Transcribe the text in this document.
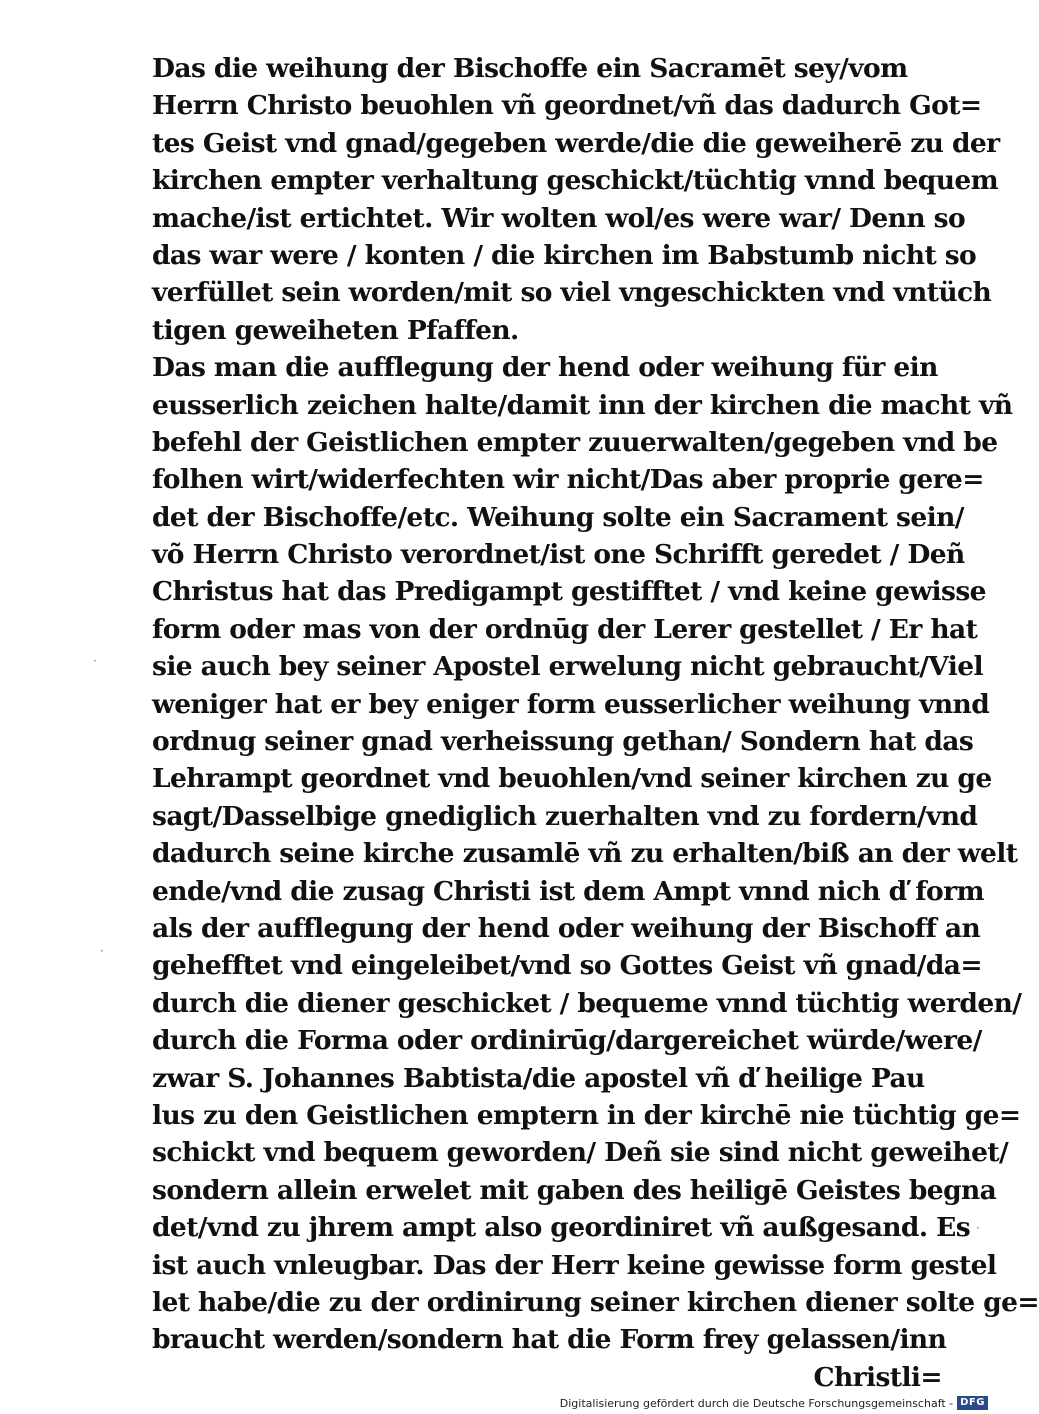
Das die weihung der Bischoffe ein Sacramēt sey/vom
Herrn Christo beuohlen vñ geordnet/vñ das dadurch Got=
tes Geist vnd gnad/gegeben werde/die die geweiherē zu der
kirchen empter verhaltung geschickt/tüchtig vnnd bequem
mache/ist ertichtet. Wir wolten wol/es were war/ Denn so
das war were / konten / die kirchen im Babstumb nicht so
verfüllet sein worden/mit so viel vngeschickten vnd vntüch
tigen geweiheten Pfaffen.
Das man die aufflegung der hend oder weihung für ein
eusserlich zeichen halte/damit inn der kirchen die macht vñ
befehl der Geistlichen empter zuuerwalten/gegeben vnd be
folhen wirt/widerfechten wir nicht/Das aber proprie gere=
det der Bischoffe/etc. Weihung solte ein Sacrament sein/
võ Herrn Christo verordnet/ist one Schrifft geredet / Deñ
Christus hat das Predigampt gestifftet / vnd keine gewisse
form oder mas von der ordnūg der Lerer gestellet / Er hat
sie auch bey seiner Apostel erwelung nicht gebraucht/Viel
weniger hat er bey eniger form eusserlicher weihung vnnd
ordnug seiner gnad verheissung gethan/ Sondern hat das
Lehrampt geordnet vnd beuohlen/vnd seiner kirchen zu ge
sagt/Dasselbige gnediglich zuerhalten vnd zu fordern/vnd
dadurch seine kirche zusamlē vñ zu erhalten/biß an der welt
ende/vnd die zusag Christi ist dem Ampt vnnd nich ď form
als der aufflegung der hend oder weihung der Bischoff an
gehefftet vnd eingeleibet/vnd so Gottes Geist vñ gnad/da=
durch die diener geschicket / bequeme vnnd tüchtig werden/
durch die Forma oder ordinirūg/dargereichet würde/were/
zwar S. Johannes Babtista/die apostel vñ ď heilige Pau
lus zu den Geistlichen emptern in der kirchē nie tüchtig ge=
schickt vnd bequem geworden/ Deñ sie sind nicht geweihet/
sondern allein erwelet mit gaben des heiligē Geistes begna
det/vnd zu jhrem ampt also geordiniret vñ außgesand. Es
ist auch vnleugbar. Das der Herr keine gewisse form gestel
let habe/die zu der ordinirung seiner kirchen diener solte ge=
braucht werden/sondern hat die Form frey gelassen/inn
Christli=
·
·
·
Digitalisierung gefördert durch die Deutsche Forschungsgemeinschaft - DFG
